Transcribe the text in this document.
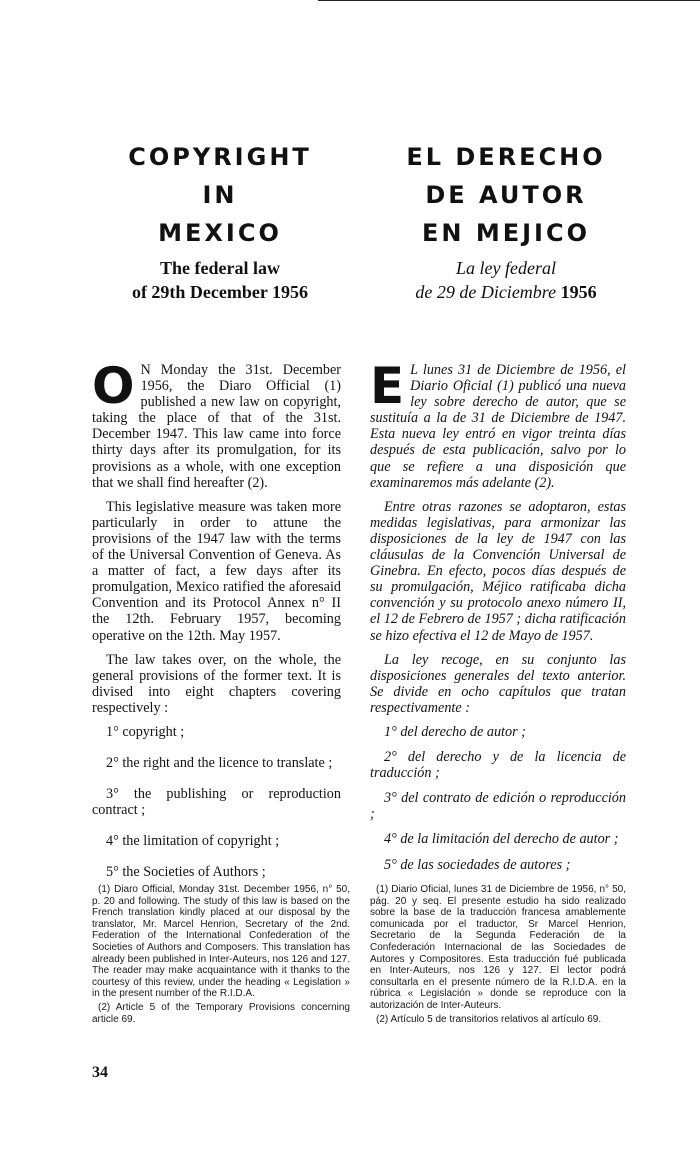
COPYRIGHT
IN
MEXICO
The federal law
of 29th December 1956
EL DERECHO
DE AUTOR
EN MEJICO
La ley federal
de 29 de Diciembre 1956

O N Monday the 31st. December 1956, the Diaro Official (1) published a new law on copyright, taking the place of that of the 31st. December 1947. This law came into force thirty days after its promulgation, for its provisions as a whole, with one exception that we shall find hereafter (2).

This legislative measure was taken more particularly in order to attune the provisions of the 1947 law with the terms of the Universal Convention of Geneva. As a matter of fact, a few days after its promulgation, Mexico ratified the aforesaid Convention and its Protocol Annex n° II the 12th. February 1957, becoming operative on the 12th. May 1957.

The law takes over, on the whole, the general provisions of the former text. It is divised into eight chapters covering respectively :

1° copyright ;

2° the right and the licence to translate ;

3° the publishing or reproduction contract ;

4° the limitation of copyright ;

5° the Societies of Authors ;

E L lunes 31 de Diciembre de 1956, el Diario Oficial (1) publicó una nueva ley sobre derecho de autor, que se sustituía a la de 31 de Diciembre de 1947. Esta nueva ley entró en vigor treinta días después de esta publicación, salvo por lo que se refiere a una disposición que examinaremos más adelante (2).

Entre otras razones se adoptaron, estas medidas legislativas, para armonizar las disposiciones de la ley de 1947 con las cláusulas de la Convención Universal de Ginebra. En efecto, pocos días después de su promulgación, Méjico ratificaba dicha convención y su protocolo anexo número II, el 12 de Febrero de 1957 ; dicha ratificación se hizo efectiva el 12 de Mayo de 1957.

La ley recoge, en su conjunto las disposiciones generales del texto anterior. Se divide en ocho capítulos que tratan respectivamente :

1° del derecho de autor ;

2° del derecho y de la licencia de traducción ;

3° del contrato de edición o reproducción ;

4° de la limitación del derecho de autor ;

5° de las sociedades de autores ;

(1) Diaro Official, Monday 31st. December 1956, n° 50, p. 20 and following. The study of this law is based on the French translation kindly placed at our disposal by the translator, Mr. Marcel Henrion, Secretary of the 2nd. Federation of the International Confederation of the Societies of Authors and Composers. This translation has already been published in Inter-Auteurs, nos 126 and 127. The reader may make acquaintance with it thanks to the courtesy of this review, under the heading « Legislation » in the present number of the R.I.D.A.

(2) Article 5 of the Temporary Provisions concerning article 69.

(1) Diario Oficial, lunes 31 de Diciembre de 1956, n° 50, pág. 20 y seq. El presente estudio ha sido realizado sobre la base de la traducción francesa amablemente comunicada por el traductor, Sr Marcel Henrion, Secretario de la Segunda Federación de la Confederación Internacional de las Sociedades de Autores y Compositores. Esta traducción fué publicada en Inter-Auteurs, nos 126 y 127. El lector podrá consultarla en el presente número de la R.I.D.A. en la rúbrica « Legislación » donde se reproduce con la autorización de Inter-Auteurs.

(2) Artículo 5 de transitorios relativos al artículo 69.

34
